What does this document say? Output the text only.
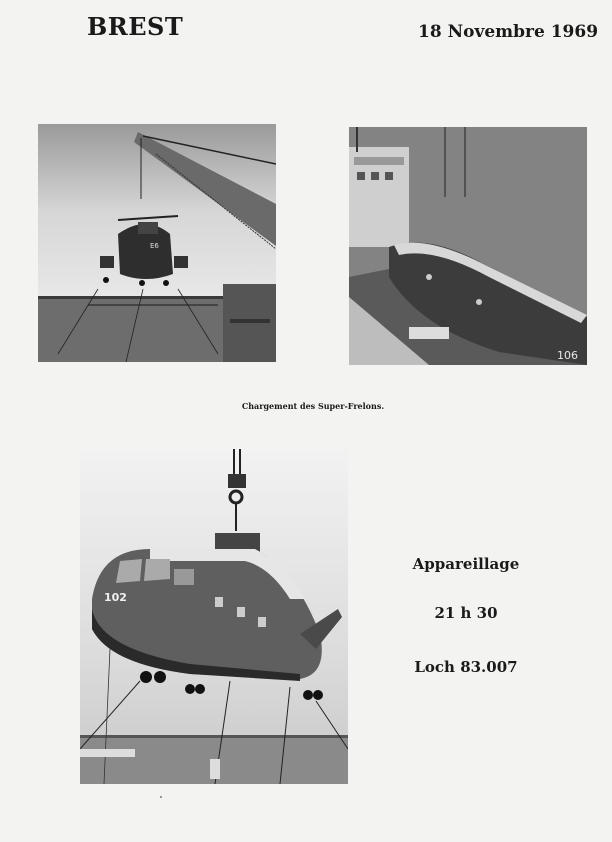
BREST	18 Novembre 1969
E6
106
Chargement des Super-Frelons.
102
Appareillage
21 h 30
Loch 83.007
